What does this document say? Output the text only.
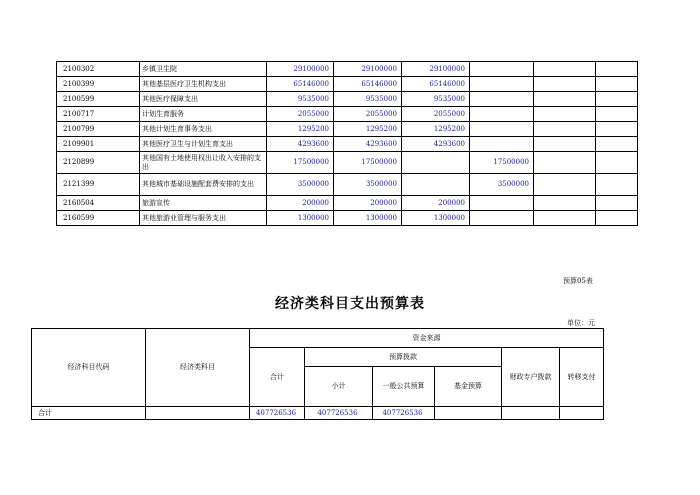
2100302	乡镇卫生院	29100000	29100000	29100000			
2100399	其他基层医疗卫生机构支出	65146000	65146000	65146000			
2100599	其他医疗保障支出	9535000	9535000	9535000			
2100717	计划生育服务	2055000	2055000	2055000			
2100799	其他计划生育事务支出	1295200	1295200	1295200			
2109901	其他医疗卫生与计划生育支出	4293600	4293600	4293600			
2120899	其他国有土地使用权出让收入安排的支出	17500000	17500000		17500000		
2121399	其他城市基础设施配套费安排的支出	3500000	3500000		3500000		
2160504	旅游宣传	200000	200000	200000			
2160599	其他旅游业管理与服务支出	1300000	1300000	1300000			
预算05表
经济类科目支出预算表
单位：元
经济科目代码	经济类科目	资金来源					
		合计	预算拨款			财政专户拨款	转移支付
			小计	一般公共预算	基金预算		
合计		407726536	407726536	407726536			
